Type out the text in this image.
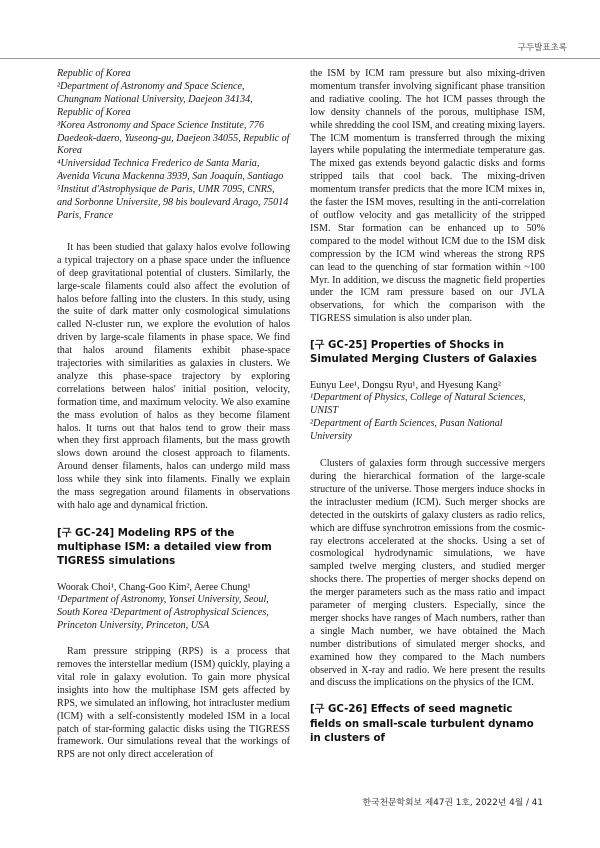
구두발표초록

Republic of Korea
²Department of Astronomy and Space Science, Chungnam National University, Daejeon 34134, Republic of Korea
³Korea Astronomy and Space Science Institute, 776 Daedeok-daero, Yuseong-gu, Daejeon 34055, Republic of Korea
⁴Universidad Technica Frederico de Santa Maria, Avenida Vicuna Mackenna 3939, San Joaquin, Santiago
⁵Institut d'Astrophysique de Paris, UMR 7095, CNRS, and Sorbonne Universite, 98 bis boulevard Arago, 75014 Paris, France

It has been studied that galaxy halos evolve following a typical trajectory on a phase space under the influence of deep gravitational potential of clusters. Similarly, the large-scale filaments could also affect the evolution of halos before falling into the clusters. In this study, using the suite of dark matter only cosmological simulations called N-cluster run, we explore the evolution of halos driven by large-scale filaments in phase space. We find that halos around filaments exhibit phase-space trajectories with similarities as galaxies in clusters. We analyze this phase-space trajectory by exploring correlations between halos' initial position, velocity, formation time, and maximum velocity. We also examine the mass evolution of halos as they become filament halos. It turns out that halos tend to grow their mass when they first approach filaments, but the mass growth slows down around the closest approach to filaments. Around denser filaments, halos can undergo mild mass loss while they sink into filaments. Finally we explain the mass segregation around filaments in observations with halo age and dynamical friction.

[구 GC-24] Modeling RPS of the multiphase ISM: a detailed view from TIGRESS simulations

Woorak Choi¹, Chang-Goo Kim², Aeree Chung¹

¹Department of Astronomy, Yonsei University, Seoul, South Korea ²Department of Astrophysical Sciences, Princeton University, Princeton, USA

Ram pressure stripping (RPS) is a process that removes the interstellar medium (ISM) quickly, playing a vital role in galaxy evolution. To gain more physical insights into how the multiphase ISM gets affected by RPS, we simulated an inflowing, hot intracluster medium (ICM) with a self-consistently modeled ISM in a local patch of star-forming galactic disks using the TIGRESS framework. Our simulations reveal that the workings of RPS are not only direct acceleration of

the ISM by ICM ram pressure but also mixing-driven momentum transfer involving significant phase transition and radiative cooling. The hot ICM passes through the low density channels of the porous, multiphase ISM, while shredding the cool ISM, and creating mixing layers. The ICM momentum is transferred through the mixing layers while populating the intermediate temperature gas. The mixed gas extends beyond galactic disks and forms stripped tails that cool back. The mixing-driven momentum transfer predicts that the more ICM mixes in, the faster the ISM moves, resulting in the anti-correlation of outflow velocity and gas metallicity of the stripped ISM. Star formation can be enhanced up to 50% compared to the model without ICM due to the ISM disk compression by the ICM wind whereas the strong RPS can lead to the quenching of star formation within ~100 Myr. In addition, we discuss the magnetic field properties under the ICM ram pressure based on our JVLA observations, for which the comparison with the TIGRESS simulation is also under plan.

[구 GC-25] Properties of Shocks in Simulated Merging Clusters of Galaxies

Eunyu Lee¹, Dongsu Ryu¹, and Hyesung Kang²

¹Department of Physics, College of Natural Sciences, UNIST
²Department of Earth Sciences, Pusan National University

Clusters of galaxies form through successive mergers during the hierarchical formation of the large-scale structure of the universe. Those mergers induce shocks in the intracluster medium (ICM). Such merger shocks are detected in the outskirts of galaxy clusters as radio relics, which are diffuse synchrotron emissions from the cosmic-ray electrons accelerated at the shocks. Using a set of cosmological hydrodynamic simulations, we have sampled twelve merging clusters, and studied merger shocks there. The properties of merger shocks depend on the merger parameters such as the mass ratio and impact parameter of merging clusters. Especially, since the merger shocks have ranges of Mach numbers, rather than a single Mach number, we have obtained the Mach number distributions of simulated merger shocks, and examined how they compared to the Mach numbers observed in X-ray and radio. We here present the results and discuss the implications on the physics of the ICM.

[구 GC-26] Effects of seed magnetic fields on small-scale turbulent dynamo in clusters of

한국천문학회보 제47권 1호, 2022년 4월 / 41
